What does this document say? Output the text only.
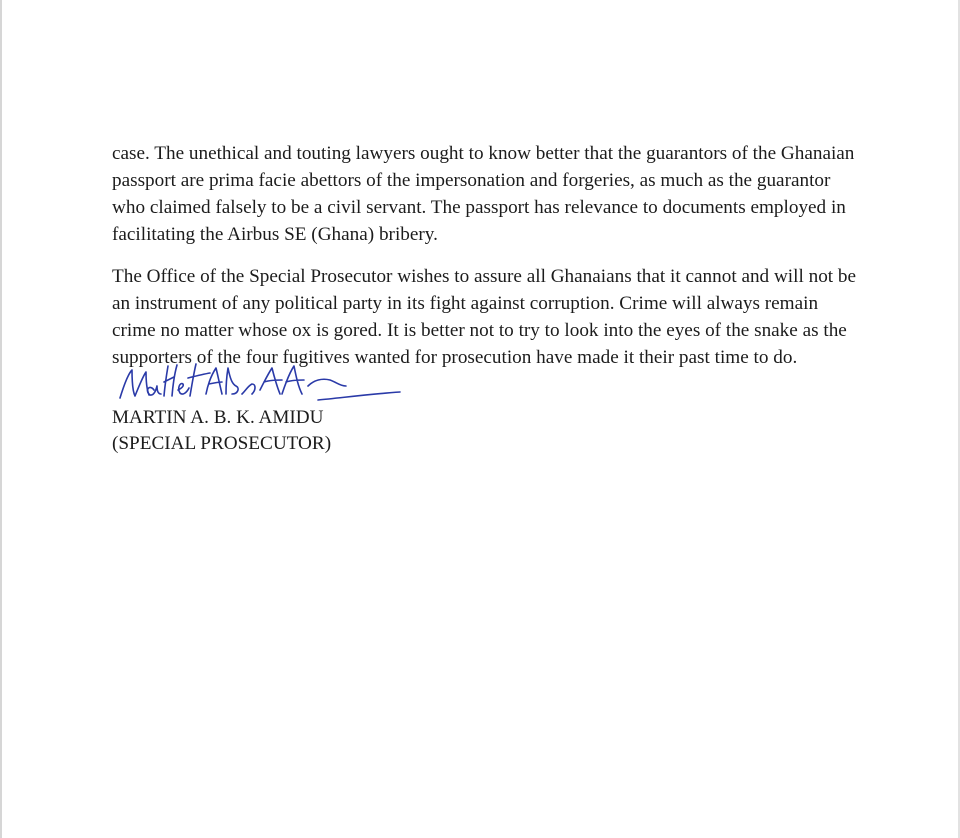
case. The unethical and touting lawyers ought to know better that the guarantors of the Ghanaian
passport are prima facie abettors of the impersonation and forgeries, as much as the guarantor
who claimed falsely to be a civil servant. The passport has relevance to documents employed in
facilitating the Airbus SE (Ghana) bribery.

The Office of the Special Prosecutor wishes to assure all Ghanaians that it cannot and will not be
an instrument of any political party in its fight against corruption. Crime will always remain
crime no matter whose ox is gored. It is better not to try to look into the eyes of the snake as the
supporters of the four fugitives wanted for prosecution have made it their past time to do.

MARTIN A. B. K. AMIDU
(SPECIAL PROSECUTOR)
